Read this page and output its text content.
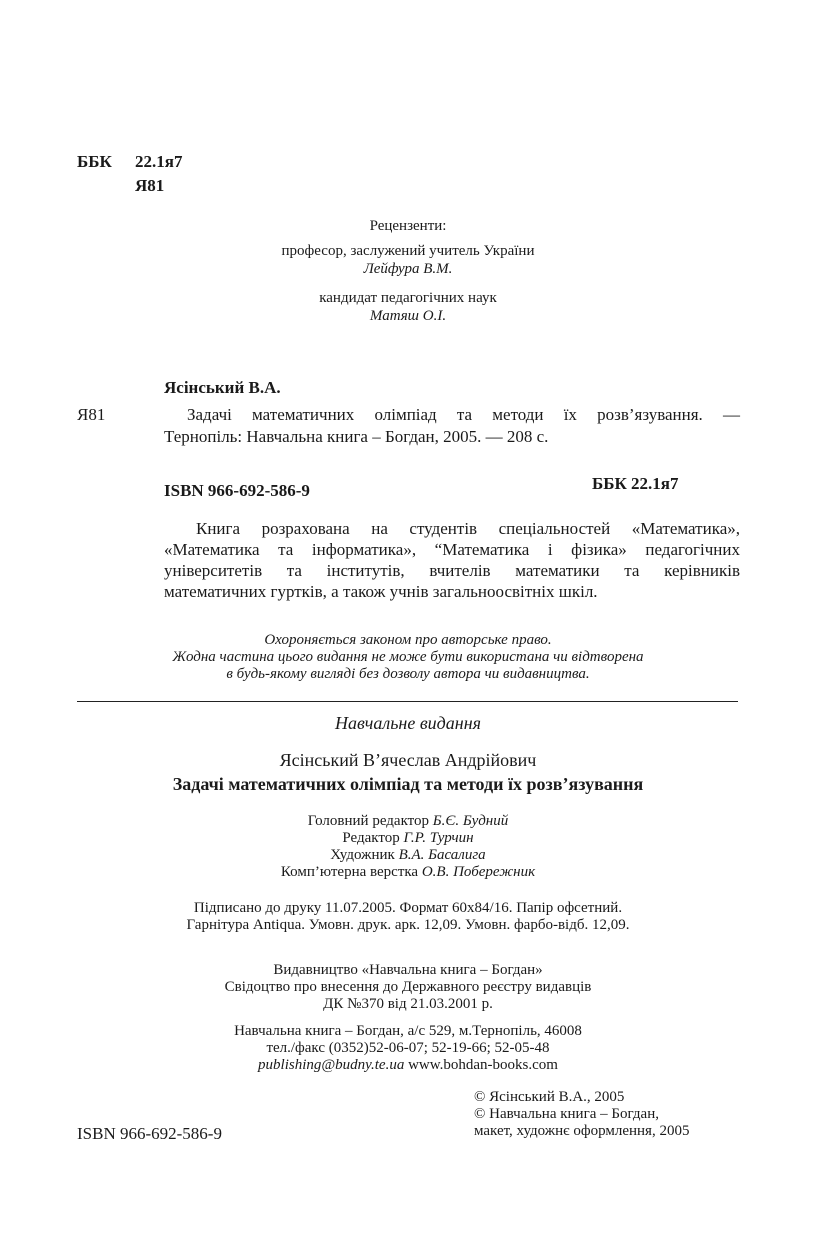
ББК 22.1я7
Я81
Рецензенти:
професор, заслужений учитель України
Лейфура В.М.
кандидат педагогічних наук
Матяш О.І.
Ясінський В.А.
Я81	Задачі математичних олімпіад та методи їх розв’язування. —
Тернопіль: Навчальна книга – Богдан, 2005. — 208 с.
ISBN 966-692-586-9	ББК 22.1я7
Книга розрахована на студентів спеціальностей «Математика»,
«Математика та інформатика», “Математика і фізика» педагогічних
університетів та інститутів, вчителів математики та керівників
математичних гуртків, а також учнів загальноосвітніх шкіл.
Охороняється законом про авторське право.
Жодна частина цього видання не може бути використана чи відтворена
в будь-якому вигляді без дозволу автора чи видавництва.
Навчальне видання
Ясінський В’ячеслав Андрійович
Задачі математичних олімпіад та методи їх розв’язування
Головний редактор Б.Є. Будний
Редактор Г.Р. Турчин
Художник В.А. Басалига
Комп’ютерна верстка О.В. Побережник
Підписано до друку 11.07.2005. Формат 60х84/16. Папір офсетний.
Гарнітура Antiqua. Умовн. друк. арк. 12,09. Умовн. фарбо-відб. 12,09.
Видавництво «Навчальна книга – Богдан»
Свідоцтво про внесення до Державного реєстру видавців
ДК №370 від 21.03.2001 р.
Навчальна книга – Богдан, а/с 529, м.Тернопіль, 46008
тел./факс (0352)52-06-07; 52-19-66; 52-05-48
publishing@budny.te.ua www.bohdan-books.com
ISBN 966-692-586-9
© Ясінський В.А., 2005
© Навчальна книга – Богдан,
макет, художнє оформлення, 2005
